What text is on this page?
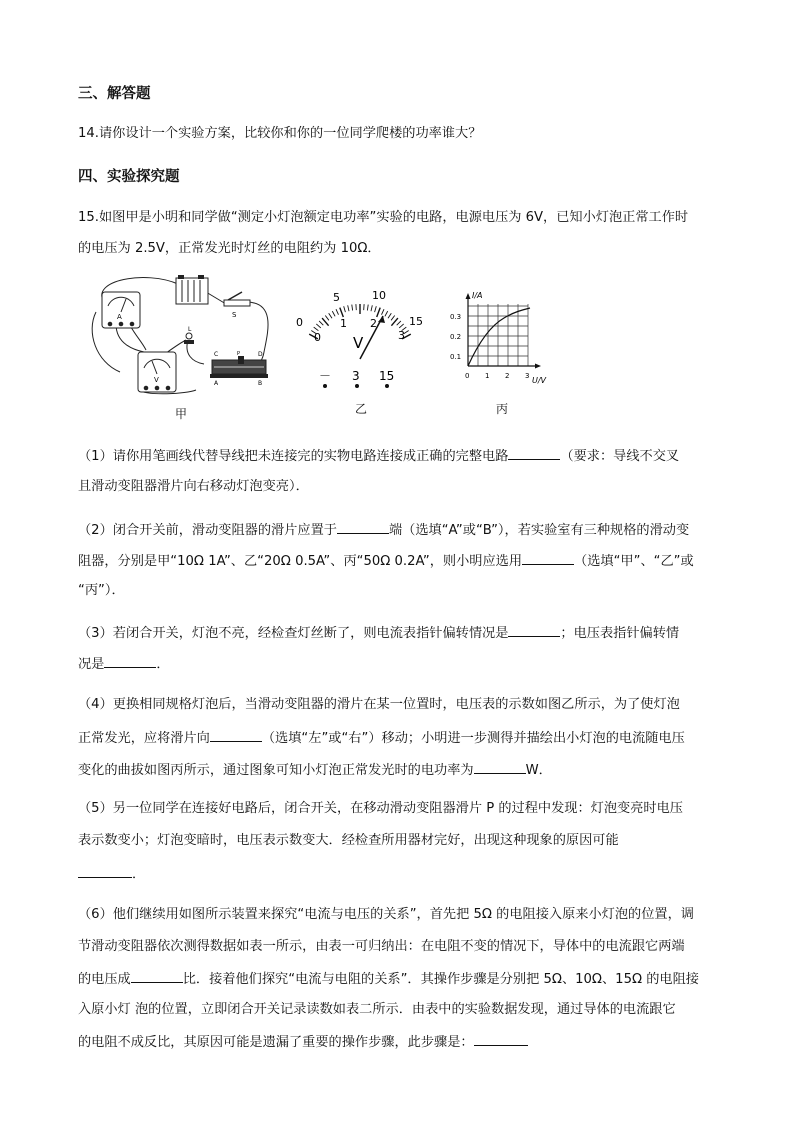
三、解答题
14.请你设计一个实验方案，比较你和你的一位同学爬楼的功率谁大？
四、实验探究题
15.如图甲是小明和同学做“测定小灯泡额定电功率”实验的电路，电源电压为 6V，已知小灯泡正常工作时
的电压为 2.5V，正常发光时灯丝的电阻约为 10Ω．
A	S
L
V
C	P	D
A	B
甲
5	10
15
0
0
1 2
3
V
－ 3 15
乙
I/A
0.3
0.2
0.1
0 1 2 3 U/V
丙
（1）请你用笔画线代替导线把未连接完的实物电路连接成正确的完整电路	（要求：导线不交叉
且滑动变阻器滑片向右移动灯泡变亮）．
（2）闭合开关前，滑动变阻器的滑片应置于	端（选填“A”或“B”），若实验室有三种规格的滑动变
阻器，分别是甲“10Ω 1A”、乙“20Ω 0.5A”、丙“50Ω 0.2A”，则小明应选用	（选填“甲”、“乙”或
“丙”）．
（3）若闭合开关，灯泡不亮，经检查灯丝断了，则电流表指针偏转情况是	；电压表指针偏转情
况是	．
（4）更换相同规格灯泡后，当滑动变阻器的滑片在某一位置时，电压表的示数如图乙所示，为了使灯泡
正常发光，应将滑片向	（选填“左”或“右”）移动；小明进一步测得并描绘出小灯泡的电流随电压
变化的曲拔如图丙所示，通过图象可知小灯泡正常发光时的电功率为	W．
（5）另一位同学在连接好电路后，闭合开关，在移动滑动变阻器滑片 P 的过程中发现：灯泡变亮时电压
表示数变小；灯泡变暗时，电压表示数变大．经检查所用器材完好，出现这种现象的原因可能
．
（6）他们继续用如图所示装置来探究“电流与电压的关系”，首先把 5Ω 的电阻接入原来小灯泡的位置，调
节滑动变阻器依次测得数据如表一所示，由表一可归纳出：在电阻不变的情况下，导体中的电流跟它两端
的电压成	比．接着他们探究“电流与电阻的关系”．其操作步骤是分别把 5Ω、10Ω、15Ω 的电阻接
入原小灯 泡的位置，立即闭合开关记录读数如表二所示．由表中的实验数据发现，通过导体的电流跟它
的电阻不成反比，其原因可能是遗漏了重要的操作步骤，此步骤是：
